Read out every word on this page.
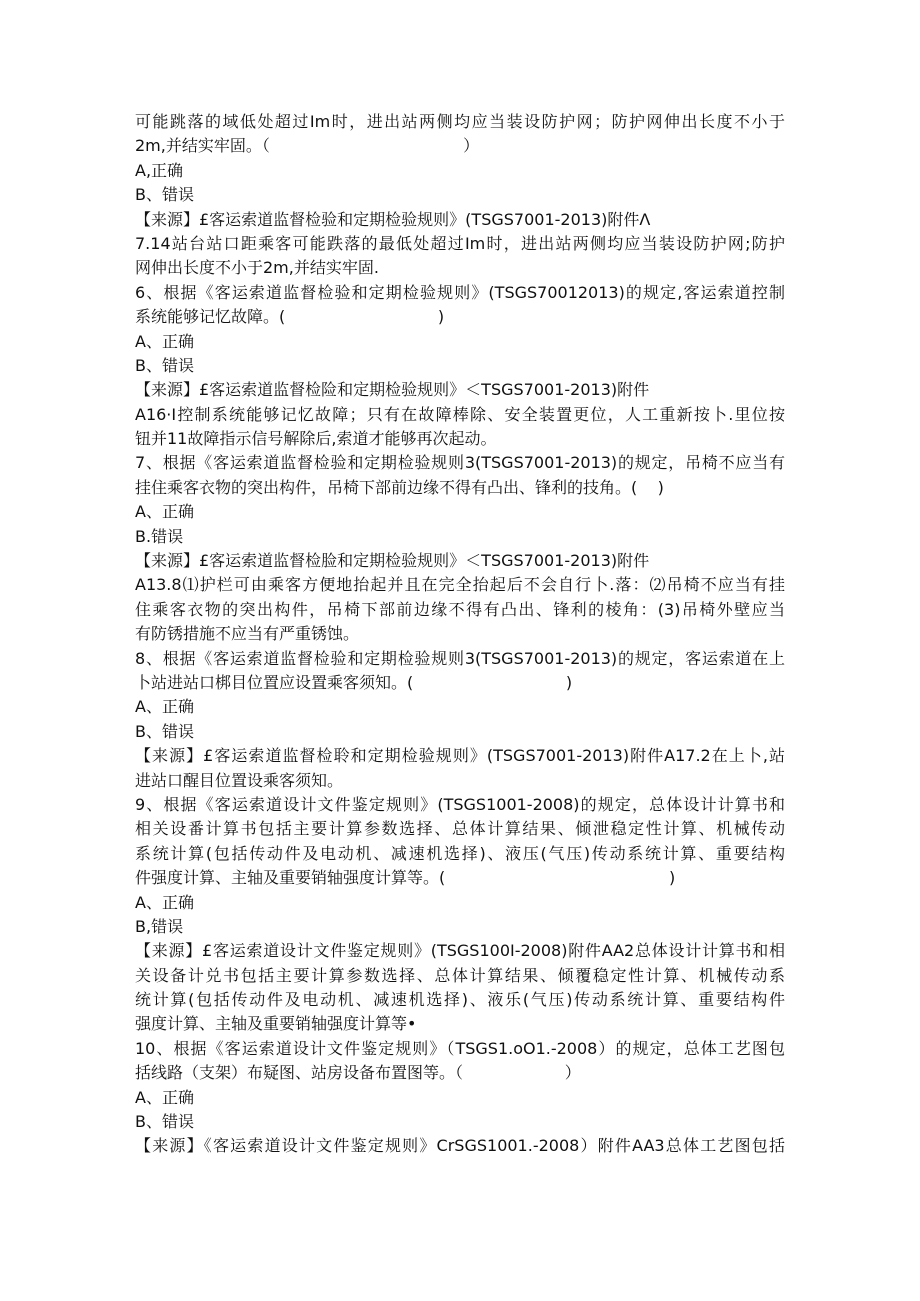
可能跳落的域低处超过Im时，进出站两侧均应当装设防护网；防护网伸出长度不小于
2m,并结实牢固。（                                      ）
A,正确
B、错误
【来源】£客运索道监督检验和定期检验规则》(TSGS7001-2013)附件Λ
7.14站台站口距乘客可能跌落的最低处超过Im时，进出站两侧均应当装设防护网;防护
网伸出长度不小于2m,并结实牢固.
6、根据《客运索道监督检验和定期检验规则》(TSGS70012013)的规定,客运索道控制
系统能够记忆故障。(                              )
A、正确
B、错误
【来源】£客运索道监督检险和定期检验规则》＜TSGS7001-2013)附件
A16·I控制系统能够记忆故障；只有在故障棒除、安全装置更位，人工重新按卜.里位按
钮并11故障指示信号解除后,索道才能够再次起动。
7、根据《客运索道监督检验和定期检验规则3(TSGS7001-2013)的规定，吊椅不应当有
挂住乘客衣物的突出构件，吊椅下部前边缘不得有凸出、锋利的技角。(    )
A、正确
B.错误
【来源】£客运索道监督检脸和定期检验规则》＜TSGS7001-2013)附件
A13.8⑴护栏可由乘客方便地抬起并且在完全抬起后不会自行卜.落：⑵吊椅不应当有挂
住乘客衣物的突出构件，吊椅下部前边缘不得有凸出、锋利的棱角：(3)吊椅外壁应当
有防锈措施不应当有严重锈蚀。
8、根据《客运索道监督检验和定期检验规则3(TSGS7001-2013)的规定，客运索道在上
卜站进站口梆目位置应设置乘客须知。(                              )
A、正确
B、错误
【来源】£客运索道监督检聆和定期检验规则》(TSGS7001-2013)附件A17.2在上卜,站
进站口醒目位置设乘客须知。
9、根据《客运索道设计文件鉴定规则》(TSGS1001-2008)的规定，总体设计计算书和
相关设番计算书包括主要计算参数选择、总体计算结果、倾泄稳定性计算、机械传动
系统计算(包括传动件及电动机、减速机选择)、液压(气压)传动系统计算、重要结构
件强度计算、主轴及重要销轴强度计算等。(                                            )
A、正确
B,错误
【来源】£客运索道设计文件鉴定规则》(TSGS100I-2008)附件AA2总体设计计算书和相
关设备计兑书包括主要计算参数选择、总体计算结果、倾覆稳定性计算、机械传动系
统计算(包括传动件及电动机、减速机选择)、液乐(气压)传动系统计算、重要结构件
强度计算、主轴及重要销轴强度计算等•
10、根据《客运索道设计文件鉴定规则》（TSGS1.oO1.-2008）的规定，总体工艺图包
括线路（支架）布疑图、站房设备布置图等。（                    ）
A、正确
B、错误
【来源】《客运索道设计文件鉴定规则》CrSGS1001.-2008）附件AA3总体工艺图包括
